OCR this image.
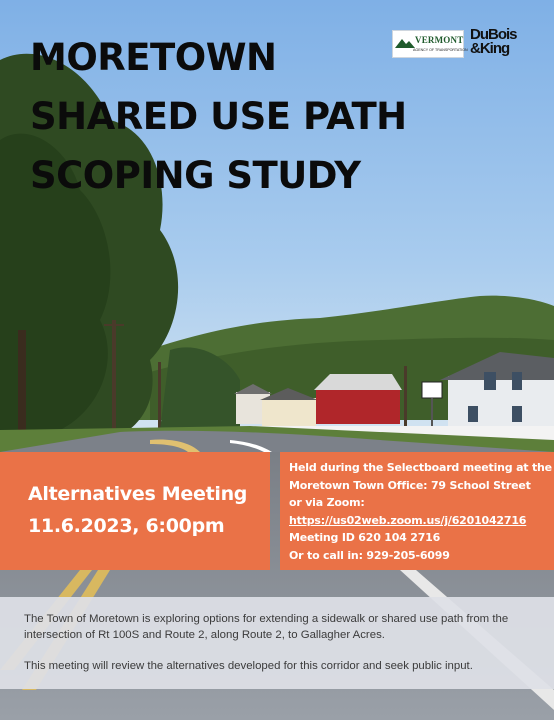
MORETOWN
SHARED USE PATH
SCOPING STUDY
VERMONT
AGENCY OF TRANSPORTATION
DuBois
&King
Alternatives Meeting
11.6.2023, 6:00pm
Held during the Selectboard meeting at the
Moretown Town Office: 79 School Street
or via Zoom:
https://us02web.zoom.us/j/6201042716
Meeting ID 620 104 2716
Or to call in: 929-205-6099

The Town of Moretown is exploring options for extending a sidewalk or shared use path from the intersection of Rt 100S and Route 2, along Route 2, to Gallagher Acres.

This meeting will review the alternatives developed for this corridor and seek public input.
